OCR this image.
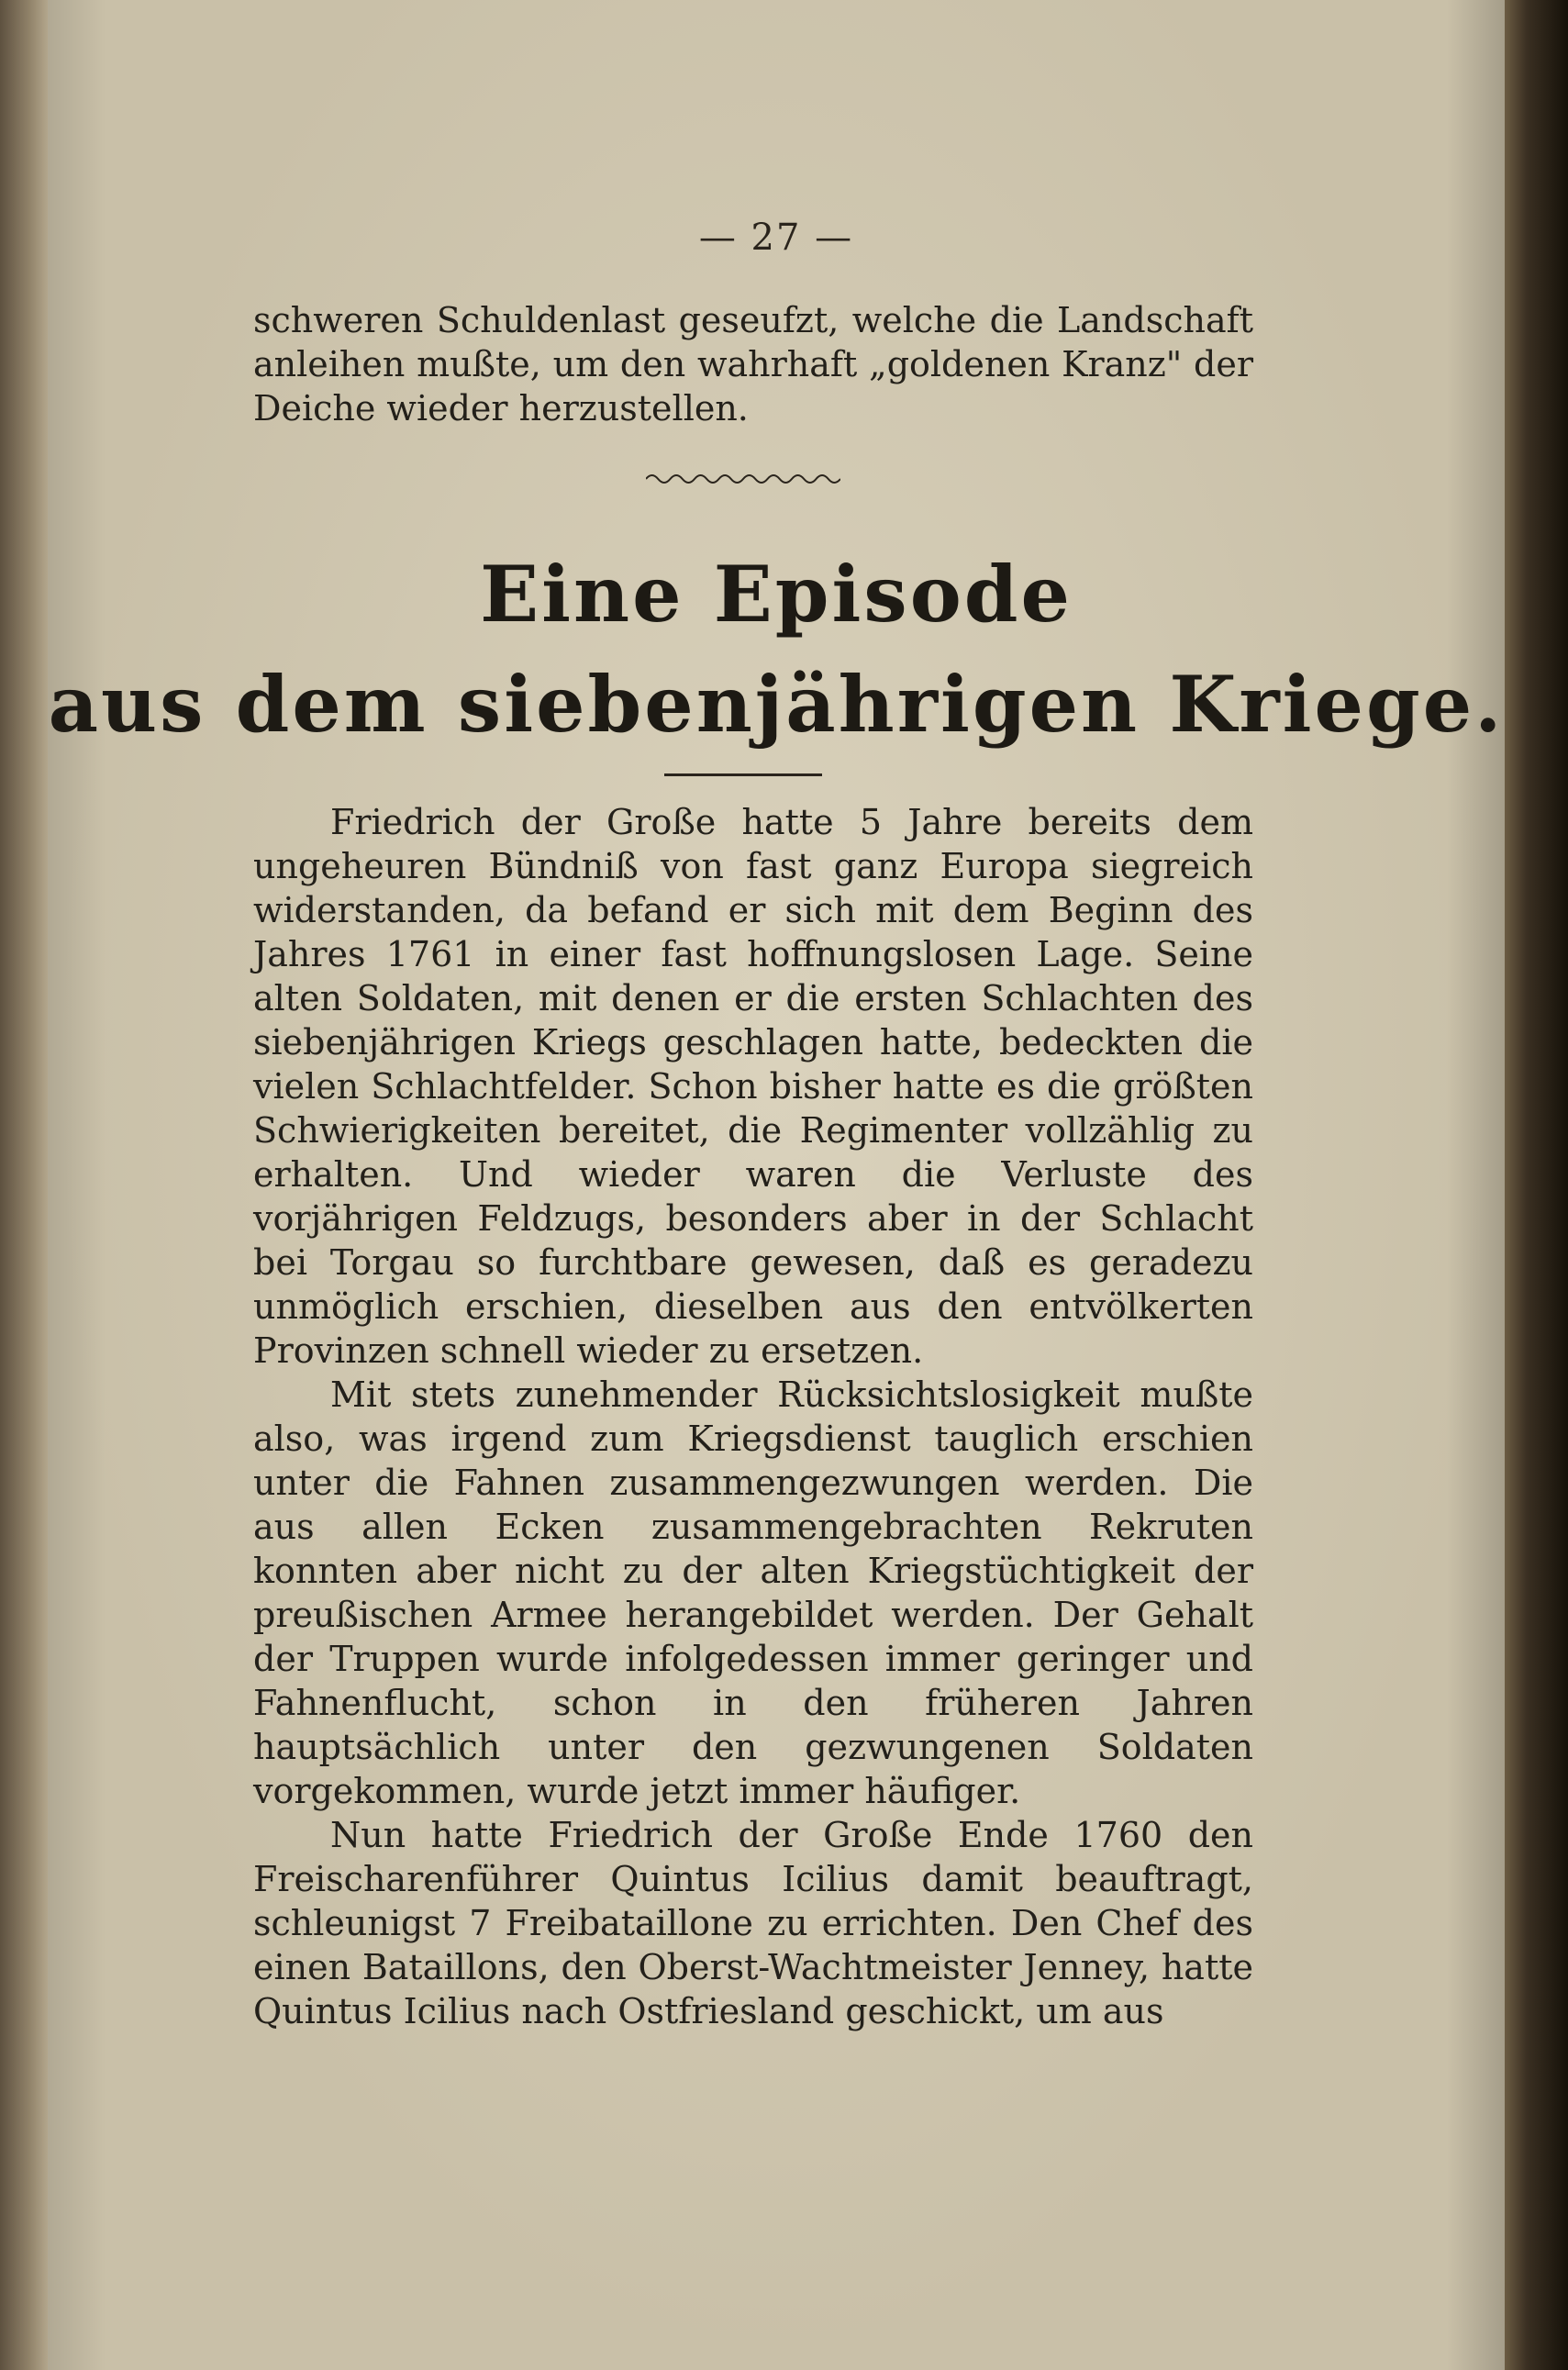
— 27 —

schweren Schuldenlast geseufzt, welche die Landschaft anleihen mußte, um den wahrhaft „goldenen Kranz" der Deiche wieder herzustellen.

Eine Episode
aus dem siebenjährigen Kriege.

Friedrich der Große hatte 5 Jahre bereits dem ungeheuren Bündniß von fast ganz Europa siegreich widerstanden, da befand er sich mit dem Beginn des Jahres 1761 in einer fast hoffnungslosen Lage. Seine alten Soldaten, mit denen er die ersten Schlachten des siebenjährigen Kriegs geschlagen hatte, bedeckten die vielen Schlachtfelder. Schon bisher hatte es die größten Schwierigkeiten bereitet, die Regimenter vollzählig zu erhalten. Und wieder waren die Verluste des vorjährigen Feldzugs, besonders aber in der Schlacht bei Torgau so furchtbare gewesen, daß es geradezu unmöglich erschien, dieselben aus den entvölkerten Provinzen schnell wieder zu ersetzen.

Mit stets zunehmender Rücksichtslosigkeit mußte also, was irgend zum Kriegsdienst tauglich erschien unter die Fahnen zusammengezwungen werden. Die aus allen Ecken zusammengebrachten Rekruten konnten aber nicht zu der alten Kriegstüchtigkeit der preußischen Armee herangebildet werden. Der Gehalt der Truppen wurde infolgedessen immer geringer und Fahnenflucht, schon in den früheren Jahren hauptsächlich unter den gezwungenen Soldaten vorgekommen, wurde jetzt immer häufiger.

Nun hatte Friedrich der Große Ende 1760 den Freischarenführer Quintus Icilius damit beauftragt, schleunigst 7 Freibataillone zu errichten. Den Chef des einen Bataillons, den Oberst-Wachtmeister Jenney, hatte Quintus Icilius nach Ostfriesland geschickt, um aus
